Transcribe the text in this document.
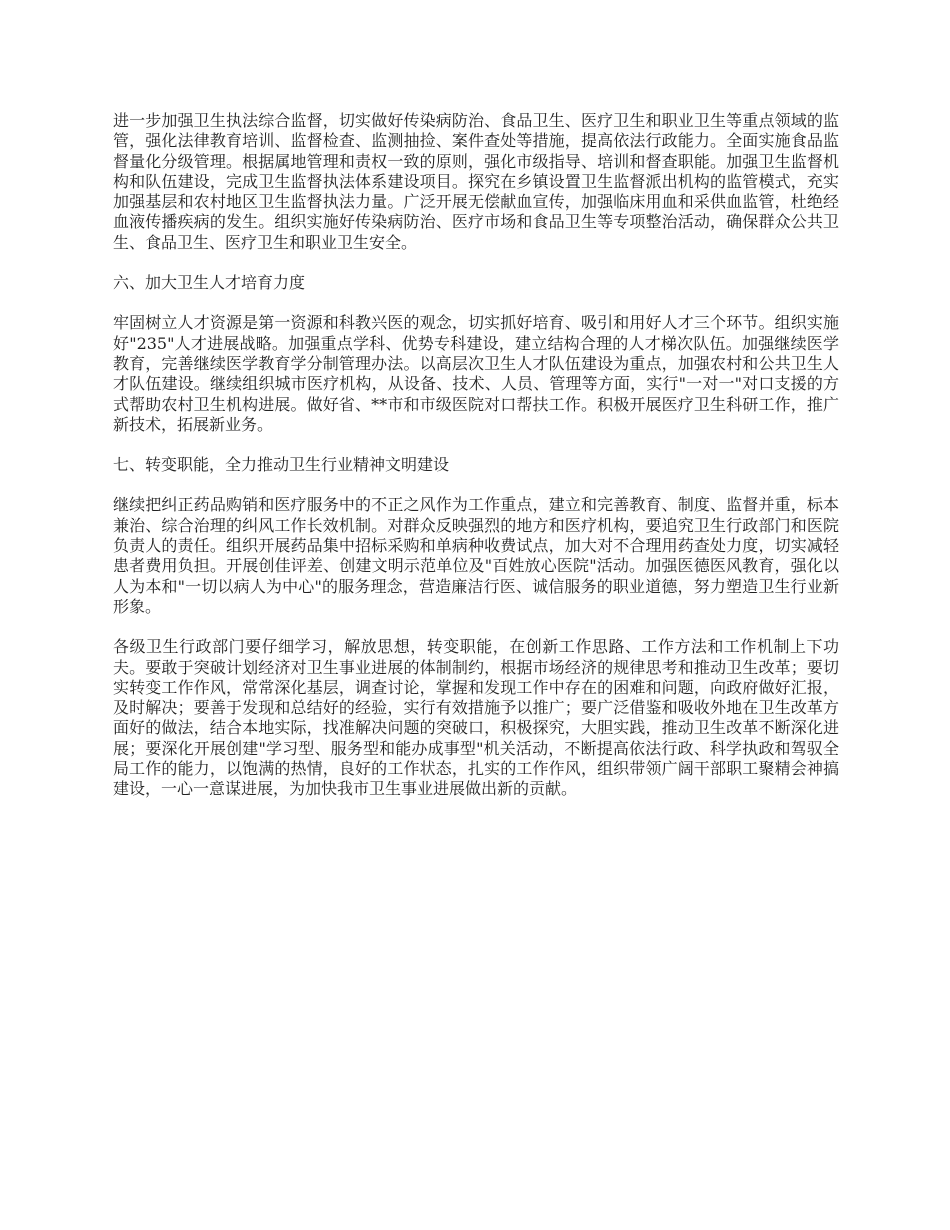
进一步加强卫生执法综合监督，切实做好传染病防治、食品卫生、医疗卫生和职业卫生等重点领域的监管，强化法律教育培训、监督检查、监测抽捡、案件查处等措施，提高依法行政能力。全面实施食品监督量化分级管理。根据属地管理和责权一致的原则，强化市级指导、培训和督查职能。加强卫生监督机构和队伍建设，完成卫生监督执法体系建设项目。探究在乡镇设置卫生监督派出机构的监管模式，充实加强基层和农村地区卫生监督执法力量。广泛开展无偿献血宣传，加强临床用血和采供血监管，杜绝经血液传播疾病的发生。组织实施好传染病防治、医疗市场和食品卫生等专项整治活动，确保群众公共卫生、食品卫生、医疗卫生和职业卫生安全。

六、加大卫生人才培育力度

牢固树立人才资源是第一资源和科教兴医的观念，切实抓好培育、吸引和用好人才三个环节。组织实施好"235"人才进展战略。加强重点学科、优势专科建设，建立结构合理的人才梯次队伍。加强继续医学教育，完善继续医学教育学分制管理办法。以高层次卫生人才队伍建设为重点，加强农村和公共卫生人才队伍建设。继续组织城市医疗机构，从设备、技术、人员、管理等方面，实行"一对一"对口支援的方式帮助农村卫生机构进展。做好省、**市和市级医院对口帮扶工作。积极开展医疗卫生科研工作，推广新技术，拓展新业务。

七、转变职能，全力推动卫生行业精神文明建设

继续把纠正药品购销和医疗服务中的不正之风作为工作重点，建立和完善教育、制度、监督并重，标本兼治、综合治理的纠风工作长效机制。对群众反映强烈的地方和医疗机构，要追究卫生行政部门和医院负责人的责任。组织开展药品集中招标采购和单病种收费试点，加大对不合理用药查处力度，切实减轻患者费用负担。开展创佳评差、创建文明示范单位及"百姓放心医院"活动。加强医德医风教育，强化以人为本和"一切以病人为中心"的服务理念，营造廉洁行医、诚信服务的职业道德，努力塑造卫生行业新形象。

各级卫生行政部门要仔细学习，解放思想，转变职能，在创新工作思路、工作方法和工作机制上下功夫。要敢于突破计划经济对卫生事业进展的体制制约，根据市场经济的规律思考和推动卫生改革；要切实转变工作作风，常常深化基层，调查讨论，掌握和发现工作中存在的困难和问题，向政府做好汇报，及时解决；要善于发现和总结好的经验，实行有效措施予以推广；要广泛借鉴和吸收外地在卫生改革方面好的做法，结合本地实际，找准解决问题的突破口，积极探究，大胆实践，推动卫生改革不断深化进展；要深化开展创建"学习型、服务型和能办成事型"机关活动，不断提高依法行政、科学执政和驾驭全局工作的能力，以饱满的热情，良好的工作状态，扎实的工作作风，组织带领广阔干部职工聚精会神搞建设，一心一意谋进展，为加快我市卫生事业进展做出新的贡献。
